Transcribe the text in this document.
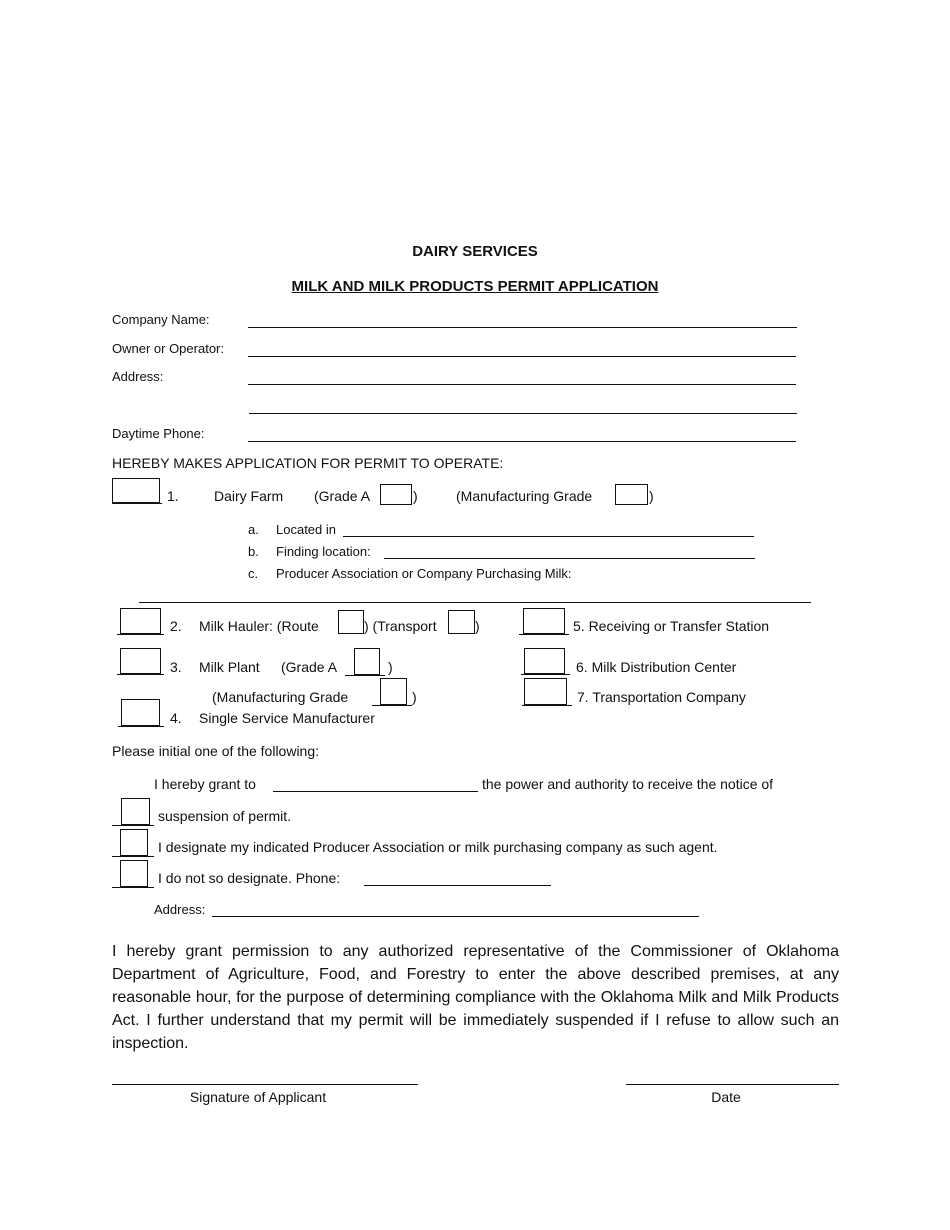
DAIRY SERVICES
MILK AND MILK PRODUCTS PERMIT APPLICATION
Company Name:
Owner or Operator:
Address:
Daytime Phone:
HEREBY MAKES APPLICATION FOR PERMIT TO OPERATE:
1.	Dairy Farm (Grade A	)	(Manufacturing Grade	)
a. Located in
b. Finding location:
c. Producer Association or Company Purchasing Milk:
2. Milk Hauler: (Route	) (Transport	)	5. Receiving or Transfer Station
3. Milk Plant (Grade A	)	6. Milk Distribution Center
(Manufacturing Grade	)	7. Transportation Company
4. Single Service Manufacturer
Please initial one of the following:
I hereby grant to	the power and authority to receive the notice of
suspension of permit.
I designate my indicated Producer Association or milk purchasing company as such agent.
I do not so designate. Phone:
Address:
I hereby grant permission to any authorized representative of the Commissioner of Oklahoma Department of Agriculture, Food, and Forestry to enter the above described premises, at any reasonable hour, for the purpose of determining compliance with the Oklahoma Milk and Milk Products Act. I further understand that my permit will be immediately suspended if I refuse to allow such an inspection.
Signature of Applicant	Date
